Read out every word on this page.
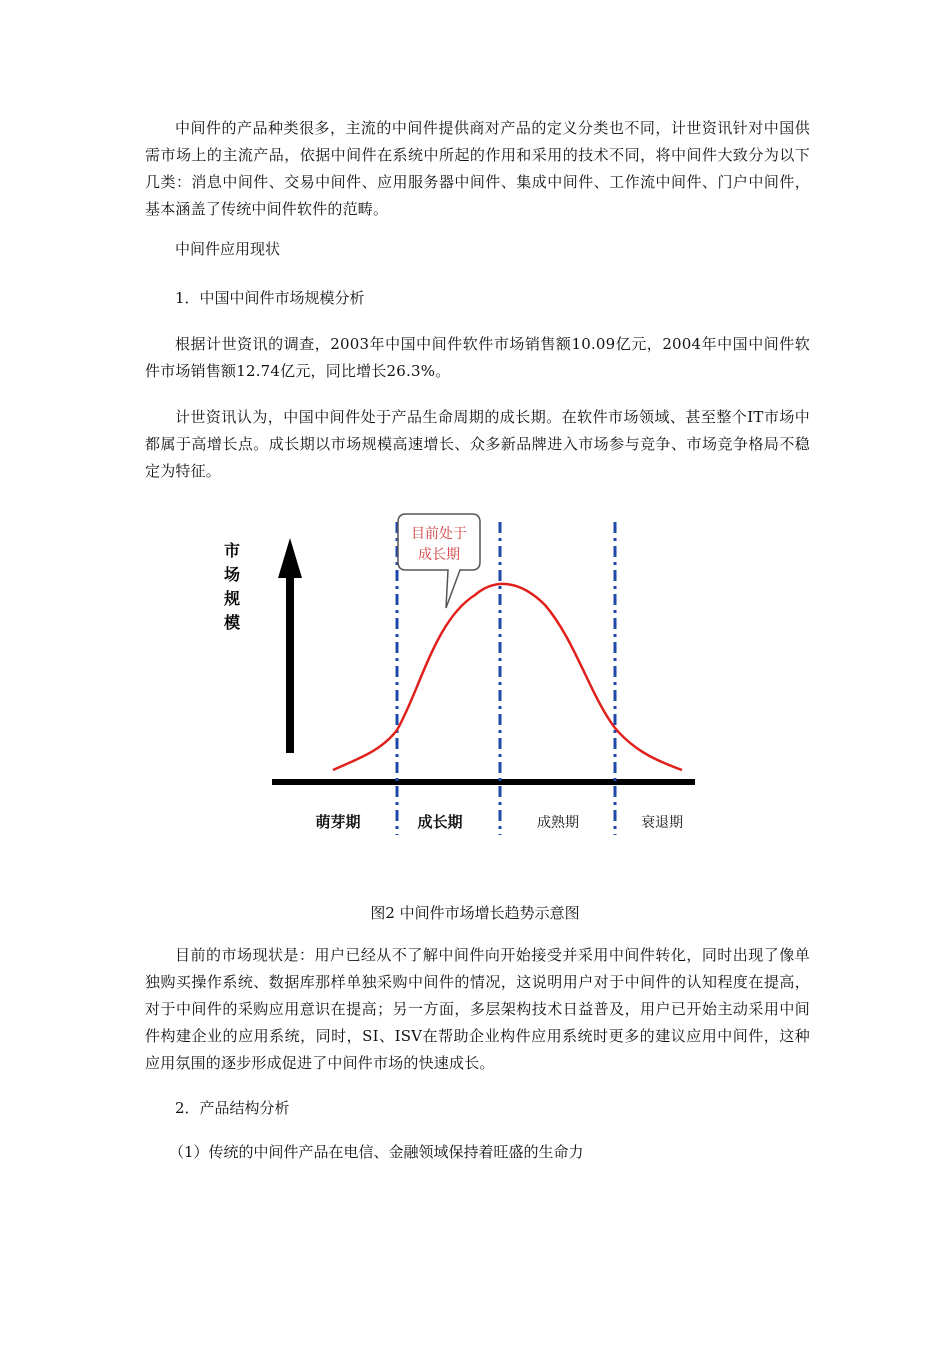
中间件的产品种类很多，主流的中间件提供商对产品的定义分类也不同，计世资讯针对中国供需市场上的主流产品，依据中间件在系统中所起的作用和采用的技术不同，将中间件大致分为以下几类：消息中间件、交易中间件、应用服务器中间件、集成中间件、工作流中间件、门户中间件，基本涵盖了传统中间件软件的范畴。

中间件应用现状

1．中国中间件市场规模分析

根据计世资讯的调查，2003年中国中间件软件市场销售额10.09亿元，2004年中国中间件软件市场销售额12.74亿元，同比增长26.3%。

计世资讯认为，中国中间件处于产品生命周期的成长期。在软件市场领域、甚至整个IT市场中都属于高增长点。成长期以市场规模高速增长、众多新品牌进入市场参与竞争、市场竞争格局不稳定为特征。

市
场
规
模
目前处于
成长期
萌芽期	成长期	成熟期	衰退期
图2 中间件市场增长趋势示意图

目前的市场现状是：用户已经从不了解中间件向开始接受并采用中间件转化，同时出现了像单独购买操作系统、数据库那样单独采购中间件的情况，这说明用户对于中间件的认知程度在提高，对于中间件的采购应用意识在提高；另一方面，多层架构技术日益普及，用户已开始主动采用中间件构建企业的应用系统，同时，SI、ISV在帮助企业构件应用系统时更多的建议应用中间件，这种应用氛围的逐步形成促进了中间件市场的快速成长。

2．产品结构分析

（1）传统的中间件产品在电信、金融领域保持着旺盛的生命力
